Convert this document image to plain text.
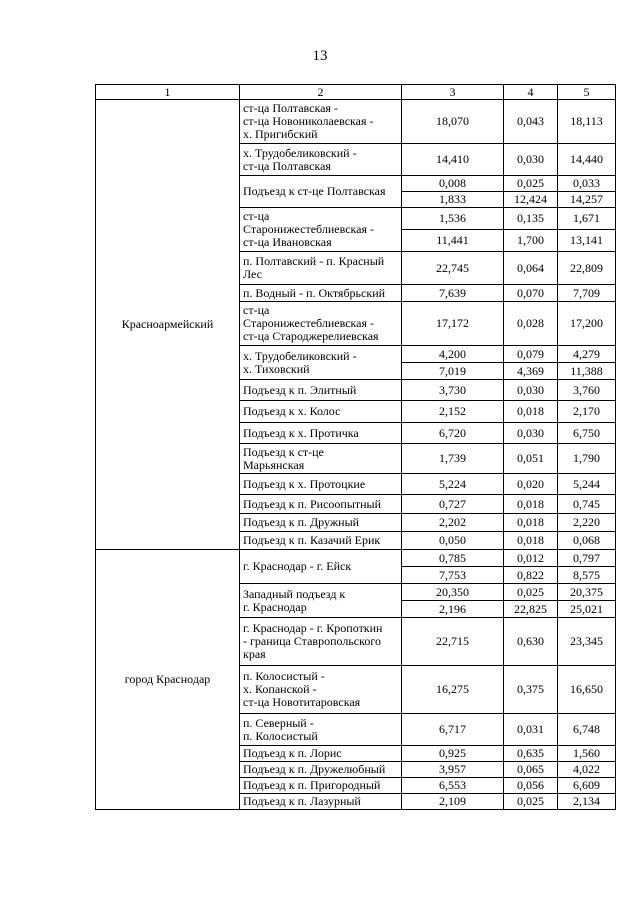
13
1	2	3	4	5
Красноармейский	ст-ца Полтавская -
ст-ца Новониколаевская -
х. Пригибский	18,070	0,043	18,113
	х. Трудобеликовский -
ст-ца Полтавская	14,410	0,030	14,440
	Подъезд к ст-це Полтавская	0,008	0,025	0,033
		1,833	12,424	14,257
	ст-ца
Старонижестеблиевская -
ст-ца Ивановская	1,536	0,135	1,671
		11,441	1,700	13,141
	п. Полтавский - п. Красный
Лес	22,745	0,064	22,809
	п. Водный - п. Октябрьский	7,639	0,070	7,709
	ст-ца
Старонижестеблиевская -
ст-ца Староджерелиевская	17,172	0,028	17,200
	х. Трудобеликовский -
х. Тиховский	4,200	0,079	4,279
		7,019	4,369	11,388
	Подъезд к п. Элитный	3,730	0,030	3,760
	Подъезд к х. Колос	2,152	0,018	2,170
	Подъезд к х. Протичка	6,720	0,030	6,750
	Подъезд к ст-це
Марьянская	1,739	0,051	1,790
	Подъезд к х. Протоцкие	5,224	0,020	5,244
	Подъезд к п. Рисоопытный	0,727	0,018	0,745
	Подъезд к п. Дружный	2,202	0,018	2,220
	Подъезд к п. Казачий Ерик	0,050	0,018	0,068
город Краснодар	г. Краснодар - г. Ейск	0,785	0,012	0,797
		7,753	0,822	8,575
	Западный подъезд к
г. Краснодар	20,350	0,025	20,375
		2,196	22,825	25,021
	г. Краснодар - г. Кропоткин
- граница Ставропольского
края	22,715	0,630	23,345
	п. Колосистый -
х. Копанской -
ст-ца Новотитаровская	16,275	0,375	16,650
	п. Северный -
п. Колосистый	6,717	0,031	6,748
	Подъезд к п. Лорис	0,925	0,635	1,560
	Подъезд к п. Дружелюбный	3,957	0,065	4,022
	Подъезд к п. Пригородный	6,553	0,056	6,609
	Подъезд к п. Лазурный	2,109	0,025	2,134
